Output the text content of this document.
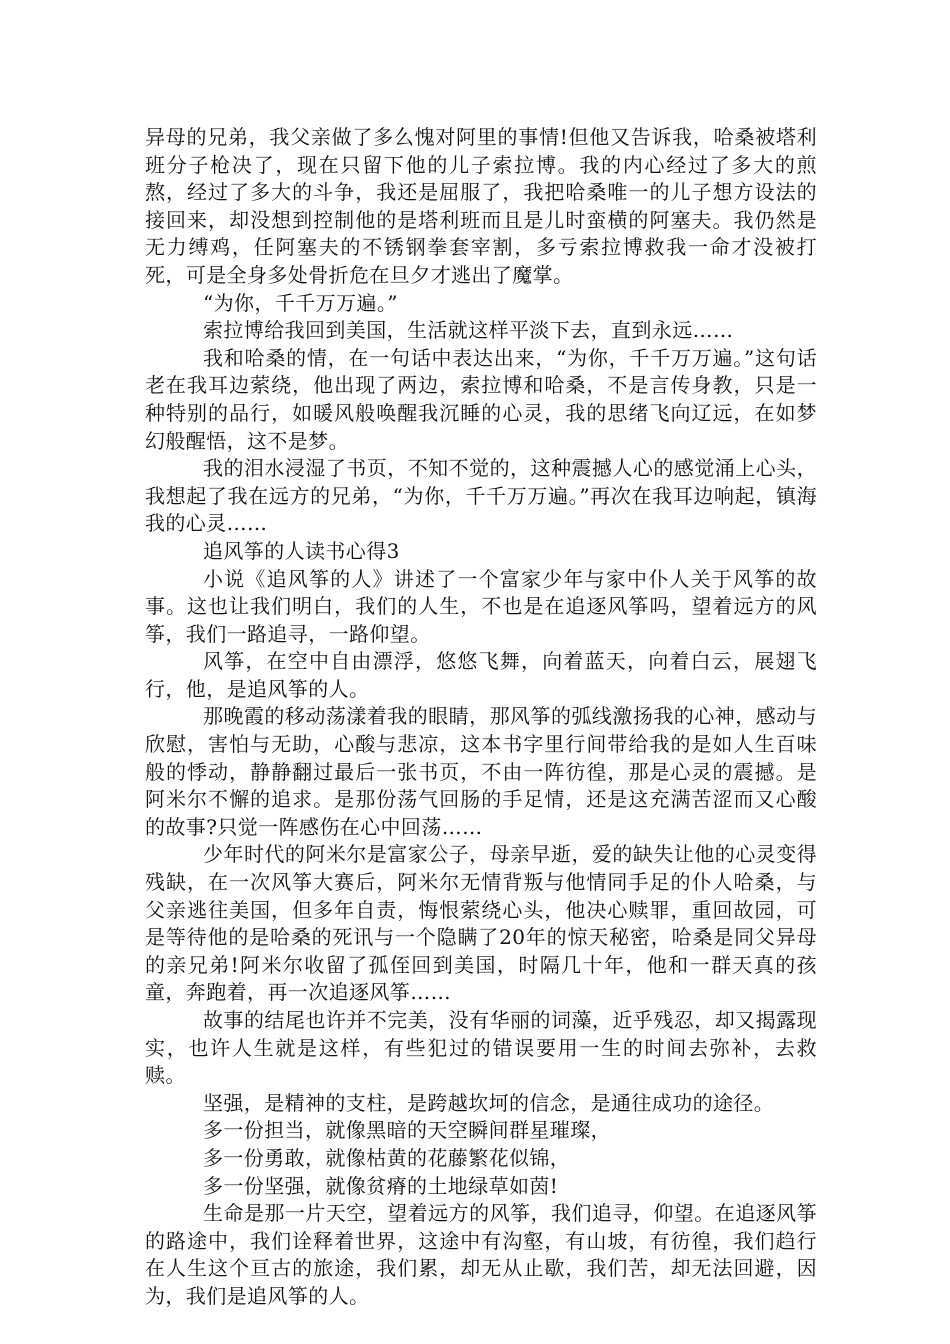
异母的兄弟，我父亲做了多么愧对阿里的事情!但他又告诉我，哈桑被塔利班分子枪决了，现在只留下他的儿子索拉博。我的内心经过了多大的煎熬，经过了多大的斗争，我还是屈服了，我把哈桑唯一的儿子想方设法的接回来，却没想到控制他的是塔利班而且是儿时蛮横的阿塞夫。我仍然是无力缚鸡，任阿塞夫的不锈钢拳套宰割，多亏索拉博救我一命才没被打死，可是全身多处骨折危在旦夕才逃出了魔掌。

“为你，千千万万遍。”

索拉博给我回到美国，生活就这样平淡下去，直到永远……

我和哈桑的情，在一句话中表达出来，“为你，千千万万遍。”这句话老在我耳边萦绕，他出现了两边，索拉博和哈桑，不是言传身教，只是一种特别的品行，如暖风般唤醒我沉睡的心灵，我的思绪飞向辽远，在如梦幻般醒悟，这不是梦。

我的泪水浸湿了书页，不知不觉的，这种震撼人心的感觉涌上心头，我想起了我在远方的兄弟，“为你，千千万万遍。”再次在我耳边响起，镇海我的心灵……

追风筝的人读书心得3

小说《追风筝的人》讲述了一个富家少年与家中仆人关于风筝的故事。这也让我们明白，我们的人生，不也是在追逐风筝吗，望着远方的风筝，我们一路追寻，一路仰望。

风筝，在空中自由漂浮，悠悠飞舞，向着蓝天，向着白云，展翅飞行，他，是追风筝的人。

那晚霞的移动荡漾着我的眼睛，那风筝的弧线激扬我的心神，感动与欣慰，害怕与无助，心酸与悲凉，这本书字里行间带给我的是如人生百味般的悸动，静静翻过最后一张书页，不由一阵彷徨，那是心灵的震撼。是阿米尔不懈的追求。是那份荡气回肠的手足情，还是这充满苦涩而又心酸的故事?只觉一阵感伤在心中回荡……

少年时代的阿米尔是富家公子，母亲早逝，爱的缺失让他的心灵变得残缺，在一次风筝大赛后，阿米尔无情背叛与他情同手足的仆人哈桑，与父亲逃往美国，但多年自责，悔恨萦绕心头，他决心赎罪，重回故园，可是等待他的是哈桑的死讯与一个隐瞒了20年的惊天秘密，哈桑是同父异母的亲兄弟!阿米尔收留了孤侄回到美国，时隔几十年，他和一群天真的孩童，奔跑着，再一次追逐风筝……

故事的结尾也许并不完美，没有华丽的词藻，近乎残忍，却又揭露现实，也许人生就是这样，有些犯过的错误要用一生的时间去弥补，去救赎。

坚强，是精神的支柱，是跨越坎坷的信念，是通往成功的途径。

多一份担当，就像黑暗的天空瞬间群星璀璨，

多一份勇敢，就像枯黄的花藤繁花似锦，

多一份坚强，就像贫瘠的土地绿草如茵!

生命是那一片天空，望着远方的风筝，我们追寻，仰望。在追逐风筝的路途中，我们诠释着世界，这途中有沟壑，有山坡，有彷徨，我们趋行在人生这个亘古的旅途，我们累，却无从止歇，我们苦，却无法回避，因为，我们是追风筝的人。
